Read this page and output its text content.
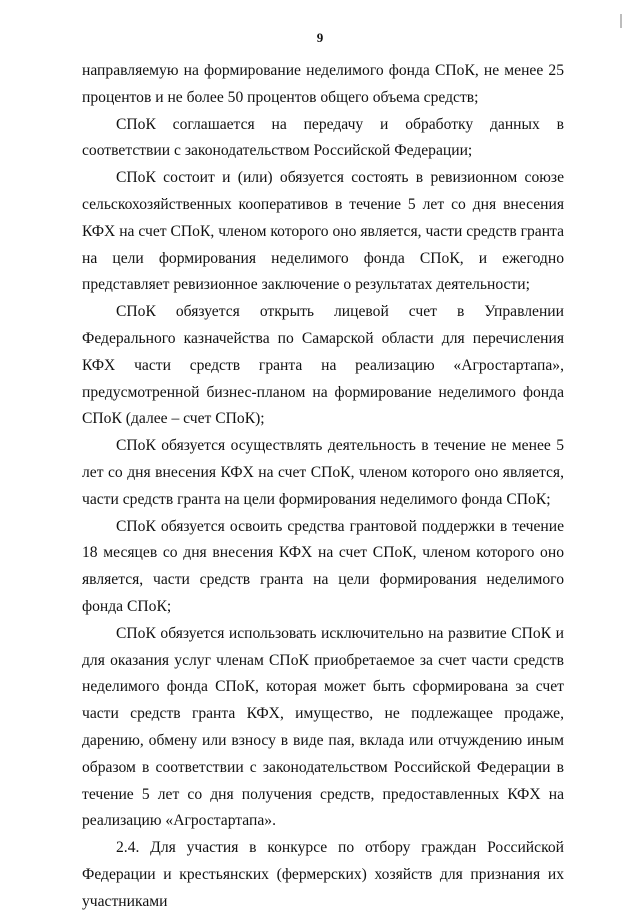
9

направляемую на формирование неделимого фонда СПоК, не менее 25 процентов и не более 50 процентов общего объема средств;

СПоК соглашается на передачу и обработку данных в соответствии с законодательством Российской Федерации;

СПоК состоит и (или) обязуется состоять в ревизионном союзе сельскохозяйственных кооперативов в течение 5 лет со дня внесения КФХ на счет СПоК, членом которого оно является, части средств гранта на цели формирования неделимого фонда СПоК, и ежегодно представляет ревизионное заключение о результатах деятельности;

СПоК обязуется открыть лицевой счет в Управлении Федерального казначейства по Самарской области для перечисления КФХ части средств гранта на реализацию «Агростартапа», предусмотренной бизнес-планом на формирование неделимого фонда СПоК (далее – счет СПоК);

СПоК обязуется осуществлять деятельность в течение не менее 5 лет со дня внесения КФХ на счет СПоК, членом которого оно является, части средств гранта на цели формирования неделимого фонда СПоК;

СПоК обязуется освоить средства грантовой поддержки в течение 18 месяцев со дня внесения КФХ на счет СПоК, членом которого оно является, части средств гранта на цели формирования неделимого фонда СПоК;

СПоК обязуется использовать исключительно на развитие СПоК и для оказания услуг членам СПоК приобретаемое за счет части средств неделимого фонда СПоК, которая может быть сформирована за счет части средств гранта КФХ, имущество, не подлежащее продаже, дарению, обмену или взносу в виде пая, вклада или отчуждению иным образом в соответствии с законодательством Российской Федерации в течение 5 лет со дня получения средств, предоставленных КФХ на реализацию «Агростартапа».

2.4. Для участия в конкурсе по отбору граждан Российской Федерации и крестьянских (фермерских) хозяйств для признания их участниками
